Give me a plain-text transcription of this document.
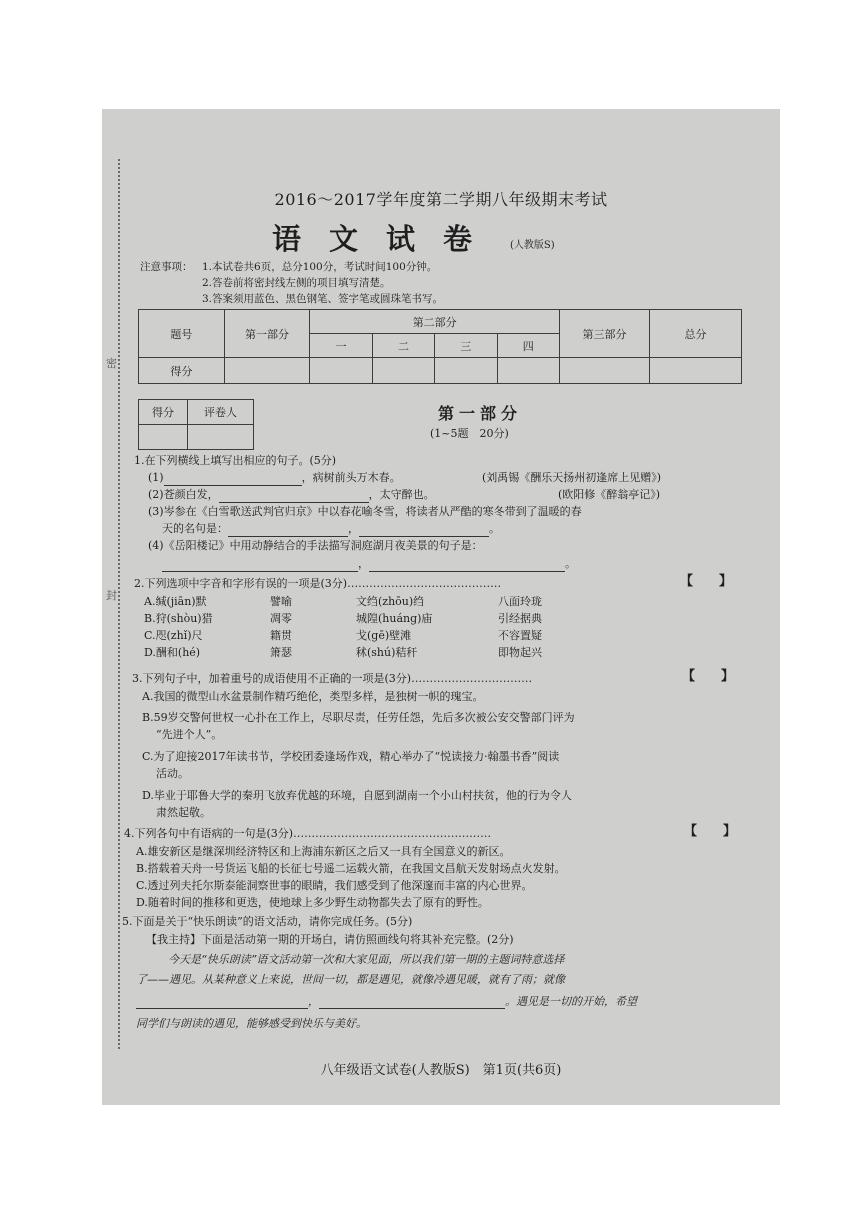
密
封
2016～2017学年度第二学期八年级期末考试
语文试卷 (人教版S)
注意事项： 1.本试卷共6页，总分100分，考试时间100分钟。
2.答卷前将密封线左侧的项目填写清楚。
3.答案须用蓝色、黑色钢笔、签字笔或圆珠笔书写。
题号	第一部分	第二部分				第三部分	总分
		一	二	三	四		
得分							
得分	评卷人
		第一部分
(1~5题　20分)
1.在下列横线上填写出相应的句子。(5分)
(1)	，病树前头万木春。	(刘禹锡《酬乐天扬州初逢席上见赠》)
(2)苍颜白发，	，太守醉也。	(欧阳修《醉翁亭记》)
(3)岑参在《白雪歌送武判官归京》中以春花喻冬雪，将读者从严酷的寒冬带到了温暖的春
天的名句是：	，	。
(4)《岳阳楼记》中用动静结合的手法描写洞庭湖月夜美景的句子是：
，	。
2.下列选项中字音和字形有误的一项是(3分)……………………………………	【　　】
A.缄(jiān)默	譬喻	文绉(zhōu)绉	八面玲珑
B.狩(shòu)猎	凋零	城隍(huáng)庙	引经据典
C.咫(zhǐ)尺	籍贯	戈(gē)壁滩	不容置疑
D.酬和(hé)	箫瑟	秫(shú)秸秆	即物起兴
3.下列句子中，加着重号的成语使用不正确的一项是(3分)……………………………	【　　】
A.我国的微型山水盆景制作精巧绝伦，类型多样，是独树一帜的瑰宝。
B.59岁交警何世权一心扑在工作上，尽职尽责，任劳任怨，先后多次被公安交警部门评为
“先进个人”。
C.为了迎接2017年读书节，学校团委逢场作戏，精心举办了“悦读接力·翰墨书香”阅读
活动。
D.毕业于耶鲁大学的秦玥飞放弃优越的环境，自愿到湖南一个小山村扶贫，他的行为令人
肃然起敬。
4.下列各句中有语病的一句是(3分)………………………………………………	【　　】
A.雄安新区是继深圳经济特区和上海浦东新区之后又一具有全国意义的新区。
B.搭载着天舟一号货运飞船的长征七号遥二运载火箭，在我国文昌航天发射场点火发射。
C.透过列夫托尔斯泰能洞察世事的眼睛，我们感受到了他深邃而丰富的内心世界。
D.随着时间的推移和更迭，使地球上多少野生动物都失去了原有的野性。
5.下面是关于“快乐朗读”的语文活动，请你完成任务。(5分)
【我主持】下面是活动第一期的开场白，请仿照画线句将其补充完整。(2分)
今天是“快乐朗读”语文活动第一次和大家见面，所以我们第一期的主题词特意选择
了——遇见。从某种意义上来说，世间一切，都是遇见，就像冷遇见暖，就有了雨；就像
，	。遇见是一切的开始，希望
同学们与朗读的遇见，能够感受到快乐与美好。
八年级语文试卷(人教版S)　第1页(共6页)
